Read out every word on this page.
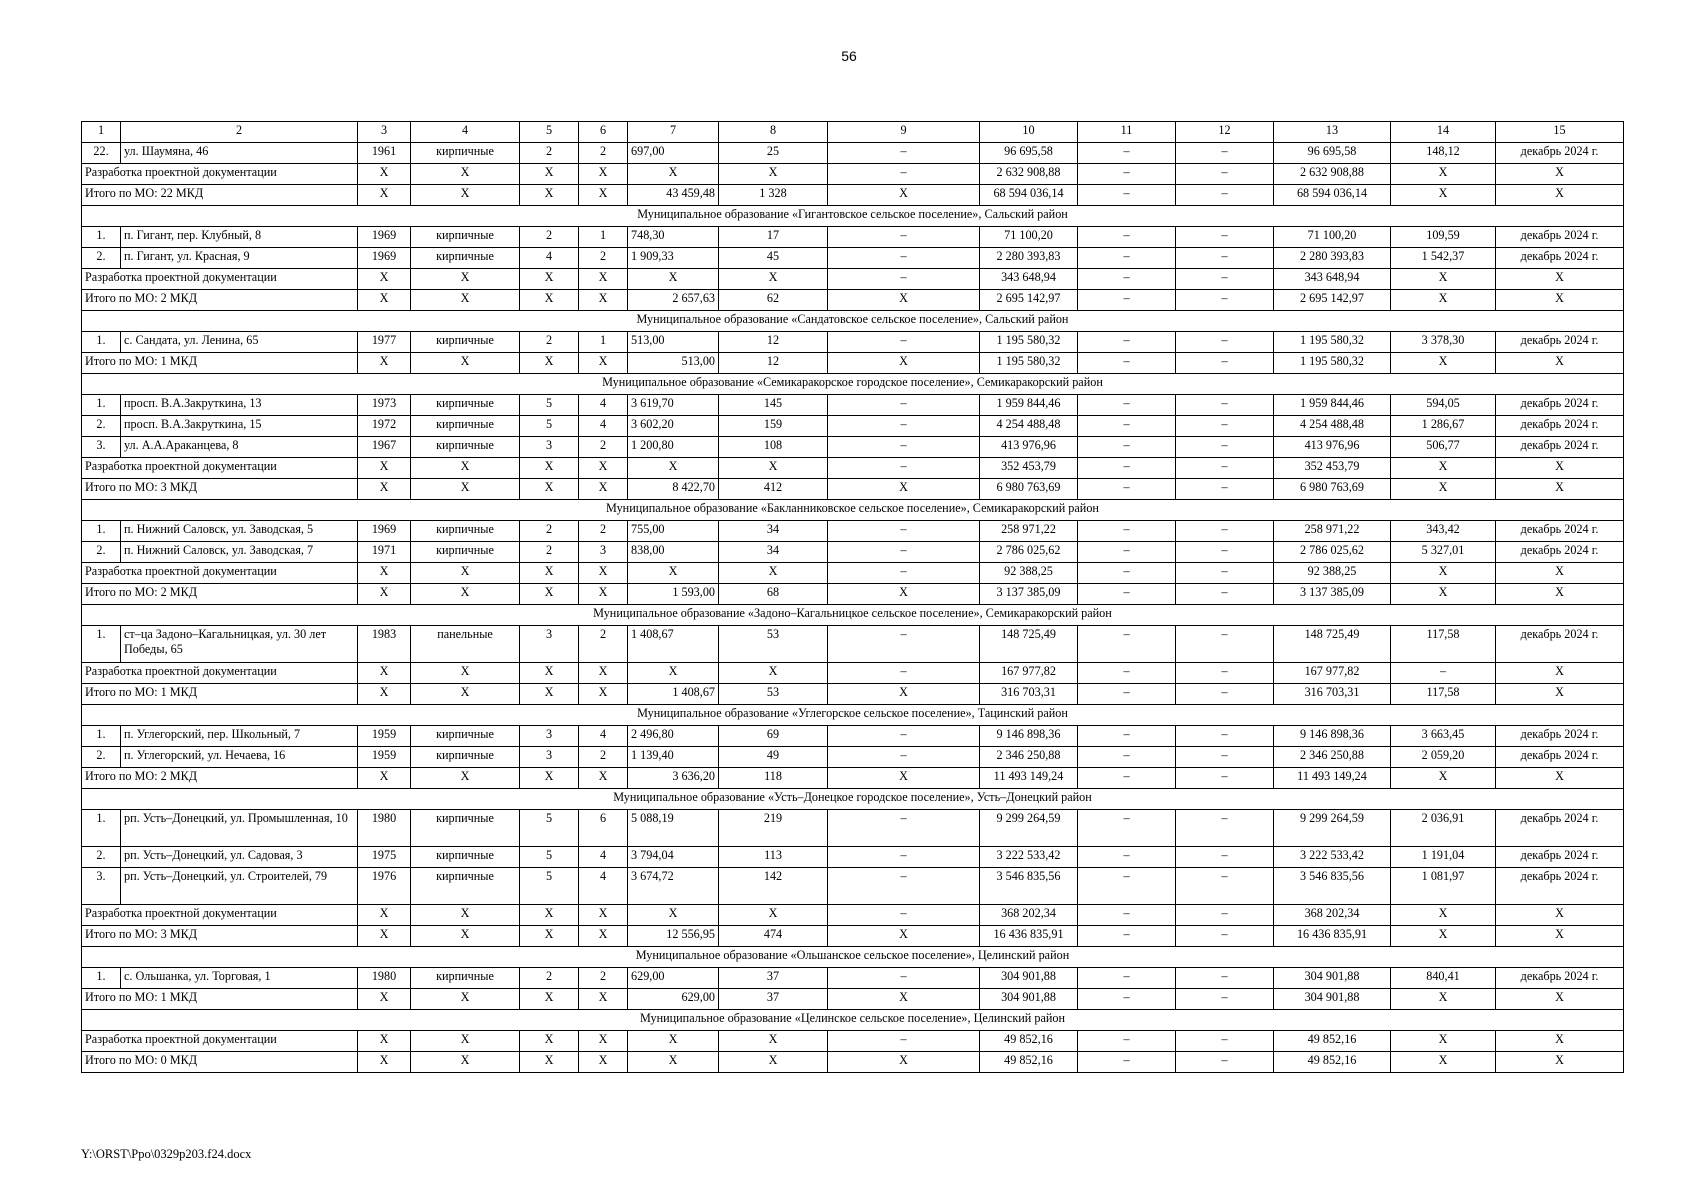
56
1	2	3	4	5	6	7	8	9	10	11	12	13	14	15
22.	ул. Шаумяна, 46	1961	кирпичные	2	2	697,00	25	–	96 695,58	–	–	96 695,58	148,12	декабрь 2024 г.
Разработка проектной документации		X	X	X	X	X	X	–	2 632 908,88	–	–	2 632 908,88	X	X
Итого по МО: 22 МКД		X	X	X	X	43 459,48	1 328	X	68 594 036,14	–	–	68 594 036,14	X	X
Муниципальное образование «Гигантовское сельское поселение», Сальский район														
1.	п. Гигант, пер. Клубный, 8	1969	кирпичные	2	1	748,30	17	–	71 100,20	–	–	71 100,20	109,59	декабрь 2024 г.
2.	п. Гигант, ул. Красная, 9	1969	кирпичные	4	2	1 909,33	45	–	2 280 393,83	–	–	2 280 393,83	1 542,37	декабрь 2024 г.
Разработка проектной документации		X	X	X	X	X	X	–	343 648,94	–	–	343 648,94	X	X
Итого по МО: 2 МКД		X	X	X	X	2 657,63	62	X	2 695 142,97	–	–	2 695 142,97	X	X
Муниципальное образование «Сандатовское сельское поселение», Сальский район														
1.	с. Сандата, ул. Ленина, 65	1977	кирпичные	2	1	513,00	12	–	1 195 580,32	–	–	1 195 580,32	3 378,30	декабрь 2024 г.
Итого по МО: 1 МКД		X	X	X	X	513,00	12	X	1 195 580,32	–	–	1 195 580,32	X	X
Муниципальное образование «Семикаракорское городское поселение», Семикаракорский район														
1.	просп. В.А.Закруткина, 13	1973	кирпичные	5	4	3 619,70	145	–	1 959 844,46	–	–	1 959 844,46	594,05	декабрь 2024 г.
2.	просп. В.А.Закруткина, 15	1972	кирпичные	5	4	3 602,20	159	–	4 254 488,48	–	–	4 254 488,48	1 286,67	декабрь 2024 г.
3.	ул. А.А.Араканцева, 8	1967	кирпичные	3	2	1 200,80	108	–	413 976,96	–	–	413 976,96	506,77	декабрь 2024 г.
Разработка проектной документации		X	X	X	X	X	X	–	352 453,79	–	–	352 453,79	X	X
Итого по МО: 3 МКД		X	X	X	X	8 422,70	412	X	6 980 763,69	–	–	6 980 763,69	X	X
Муниципальное образование «Бакланниковское сельское поселение», Семикаракорский район														
1.	п. Нижний Саловск, ул. Заводская, 5	1969	кирпичные	2	2	755,00	34	–	258 971,22	–	–	258 971,22	343,42	декабрь 2024 г.
2.	п. Нижний Саловск, ул. Заводская, 7	1971	кирпичные	2	3	838,00	34	–	2 786 025,62	–	–	2 786 025,62	5 327,01	декабрь 2024 г.
Разработка проектной документации		X	X	X	X	X	X	–	92 388,25	–	–	92 388,25	X	X
Итого по МО: 2 МКД		X	X	X	X	1 593,00	68	X	3 137 385,09	–	–	3 137 385,09	X	X
Муниципальное образование «Задоно–Кагальницкое сельское поселение», Семикаракорский район														
1.	ст–ца Задоно–Кагальницкая, ул. 30 лет Победы, 65	1983	панельные	3	2	1 408,67	53	–	148 725,49	–	–	148 725,49	117,58	декабрь 2024 г.
Разработка проектной документации		X	X	X	X	X	X	–	167 977,82	–	–	167 977,82	–	X
Итого по МО: 1 МКД		X	X	X	X	1 408,67	53	X	316 703,31	–	–	316 703,31	117,58	X
Муниципальное образование «Углегорское сельское поселение», Тацинский район														
1.	п. Углегорский, пер. Школьный, 7	1959	кирпичные	3	4	2 496,80	69	–	9 146 898,36	–	–	9 146 898,36	3 663,45	декабрь 2024 г.
2.	п. Углегорский, ул. Нечаева, 16	1959	кирпичные	3	2	1 139,40	49	–	2 346 250,88	–	–	2 346 250,88	2 059,20	декабрь 2024 г.
Итого по МО: 2 МКД		X	X	X	X	3 636,20	118	X	11 493 149,24	–	–	11 493 149,24	X	X
Муниципальное образование «Усть–Донецкое городское поселение», Усть–Донецкий район														
1.	рп. Усть–Донецкий, ул. Промышленная, 10	1980	кирпичные	5	6	5 088,19	219	–	9 299 264,59	–	–	9 299 264,59	2 036,91	декабрь 2024 г.
2.	рп. Усть–Донецкий, ул. Садовая, 3	1975	кирпичные	5	4	3 794,04	113	–	3 222 533,42	–	–	3 222 533,42	1 191,04	декабрь 2024 г.
3.	рп. Усть–Донецкий, ул. Строителей, 79	1976	кирпичные	5	4	3 674,72	142	–	3 546 835,56	–	–	3 546 835,56	1 081,97	декабрь 2024 г.
Разработка проектной документации		X	X	X	X	X	X	–	368 202,34	–	–	368 202,34	X	X
Итого по МО: 3 МКД		X	X	X	X	12 556,95	474	X	16 436 835,91	–	–	16 436 835,91	X	X
Муниципальное образование «Ольшанское сельское поселение», Целинский район														
1.	с. Ольшанка, ул. Торговая, 1	1980	кирпичные	2	2	629,00	37	–	304 901,88	–	–	304 901,88	840,41	декабрь 2024 г.
Итого по МО: 1 МКД		X	X	X	X	629,00	37	X	304 901,88	–	–	304 901,88	X	X
Муниципальное образование «Целинское сельское поселение», Целинский район														
Разработка проектной документации		X	X	X	X	X	X	–	49 852,16	–	–	49 852,16	X	X
Итого по МО: 0 МКД		X	X	X	X	X	X	X	49 852,16	–	–	49 852,16	X	X
Y:\ORST\Ppo\0329p203.f24.docx
